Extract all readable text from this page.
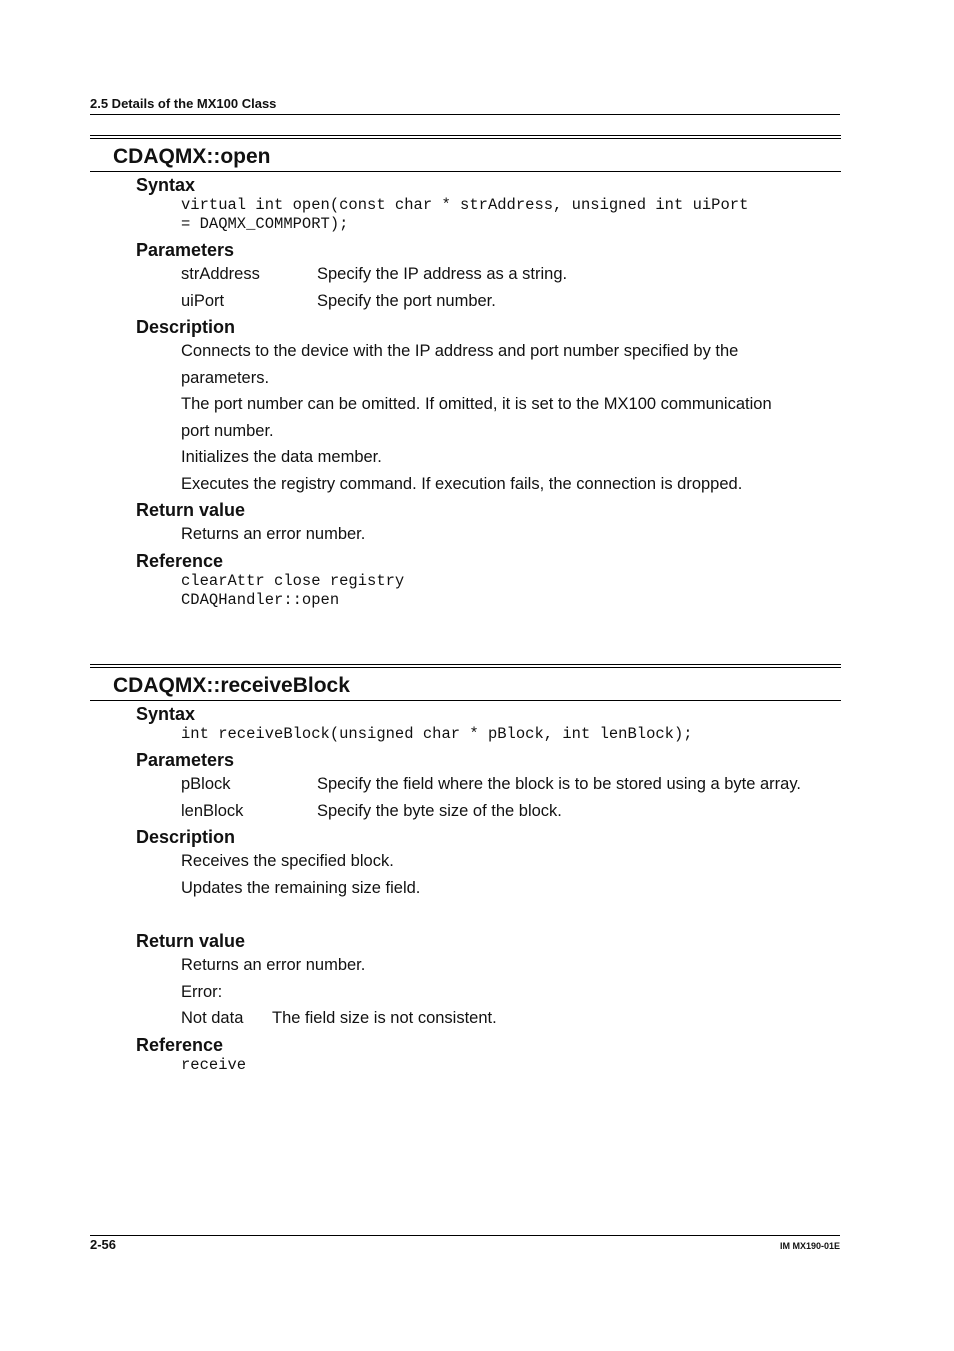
2.5 Details of the MX100 Class
CDAQMX::open
Syntax
virtual int open(const char * strAddress, unsigned int uiPort
= DAQMX_COMMPORT);
Parameters
strAddress	Specify the IP address as a string.
uiPort	Specify the port number.
Description
Connects to the device with the IP address and port number specified by the
parameters.
The port number can be omitted. If omitted, it is set to the MX100 communication
port number.
Initializes the data member.
Executes the registry command. If execution fails, the connection is dropped.
Return value
Returns an error number.
Reference
clearAttr close registry
CDAQHandler::open
CDAQMX::receiveBlock
Syntax
int receiveBlock(unsigned char * pBlock, int lenBlock);
Parameters
pBlock	Specify the field where the block is to be stored using a byte array.
lenBlock	Specify the byte size of the block.
Description
Receives the specified block.
Updates the remaining size field.
Return value
Returns an error number.
Error:
Not data	The field size is not consistent.
Reference
receive
2-56	IM MX190-01E
